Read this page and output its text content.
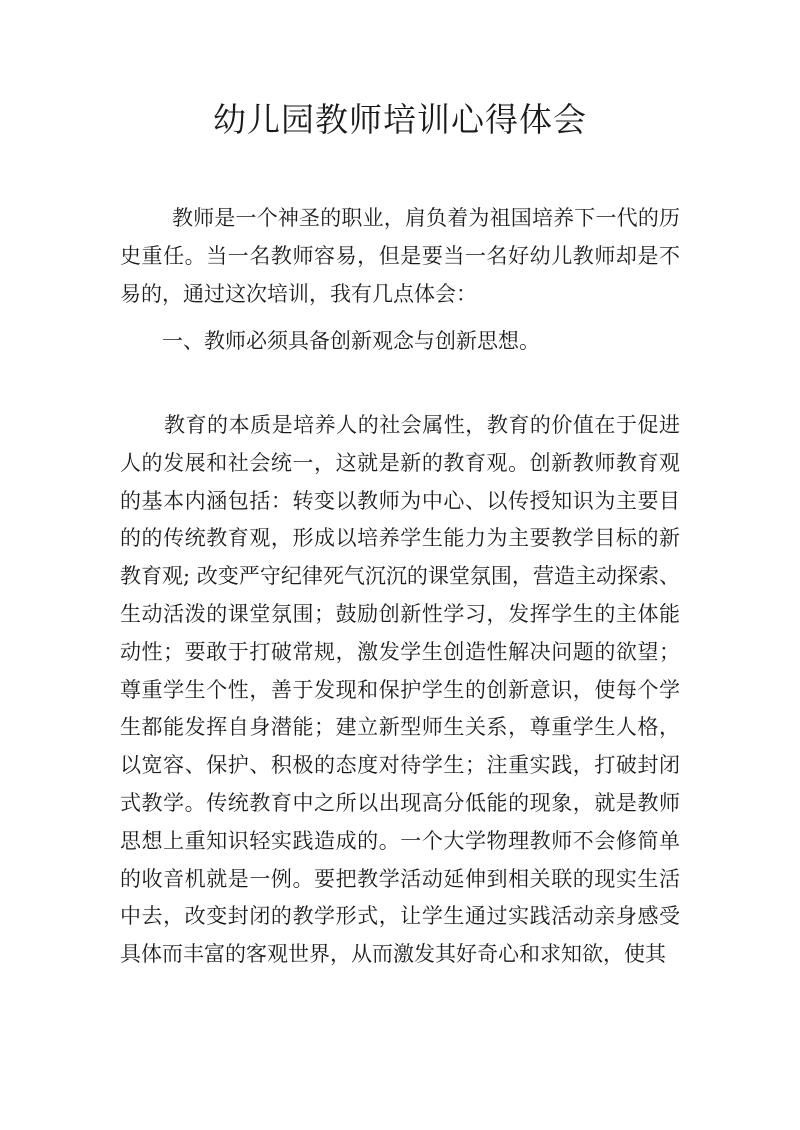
幼儿园教师培训心得体会

教师是一个神圣的职业，肩负着为祖国培养下一代的历史重任。当一名教师容易，但是要当一名好幼儿教师却是不易的，通过这次培训，我有几点体会：

一、教师必须具备创新观念与创新思想。

教育的本质是培养人的社会属性，教育的价值在于促进人的发展和社会统一，这就是新的教育观。创新教师教育观的基本内涵包括：转变以教师为中心、以传授知识为主要目的的传统教育观，形成以培养学生能力为主要教学目标的新教育观; 改变严守纪律死气沉沉的课堂氛围，营造主动探索、生动活泼的课堂氛围；鼓励创新性学习，发挥学生的主体能动性；要敢于打破常规，激发学生创造性解决问题的欲望；尊重学生个性，善于发现和保护学生的创新意识，使每个学生都能发挥自身潜能；建立新型师生关系，尊重学生人格，以宽容、保护、积极的态度对待学生；注重实践，打破封闭式教学。传统教育中之所以出现高分低能的现象，就是教师思想上重知识轻实践造成的。一个大学物理教师不会修简单的收音机就是一例。要把教学活动延伸到相关联的现实生活中去，改变封闭的教学形式，让学生通过实践活动亲身感受具体而丰富的客观世界，从而激发其好奇心和求知欲，使其
